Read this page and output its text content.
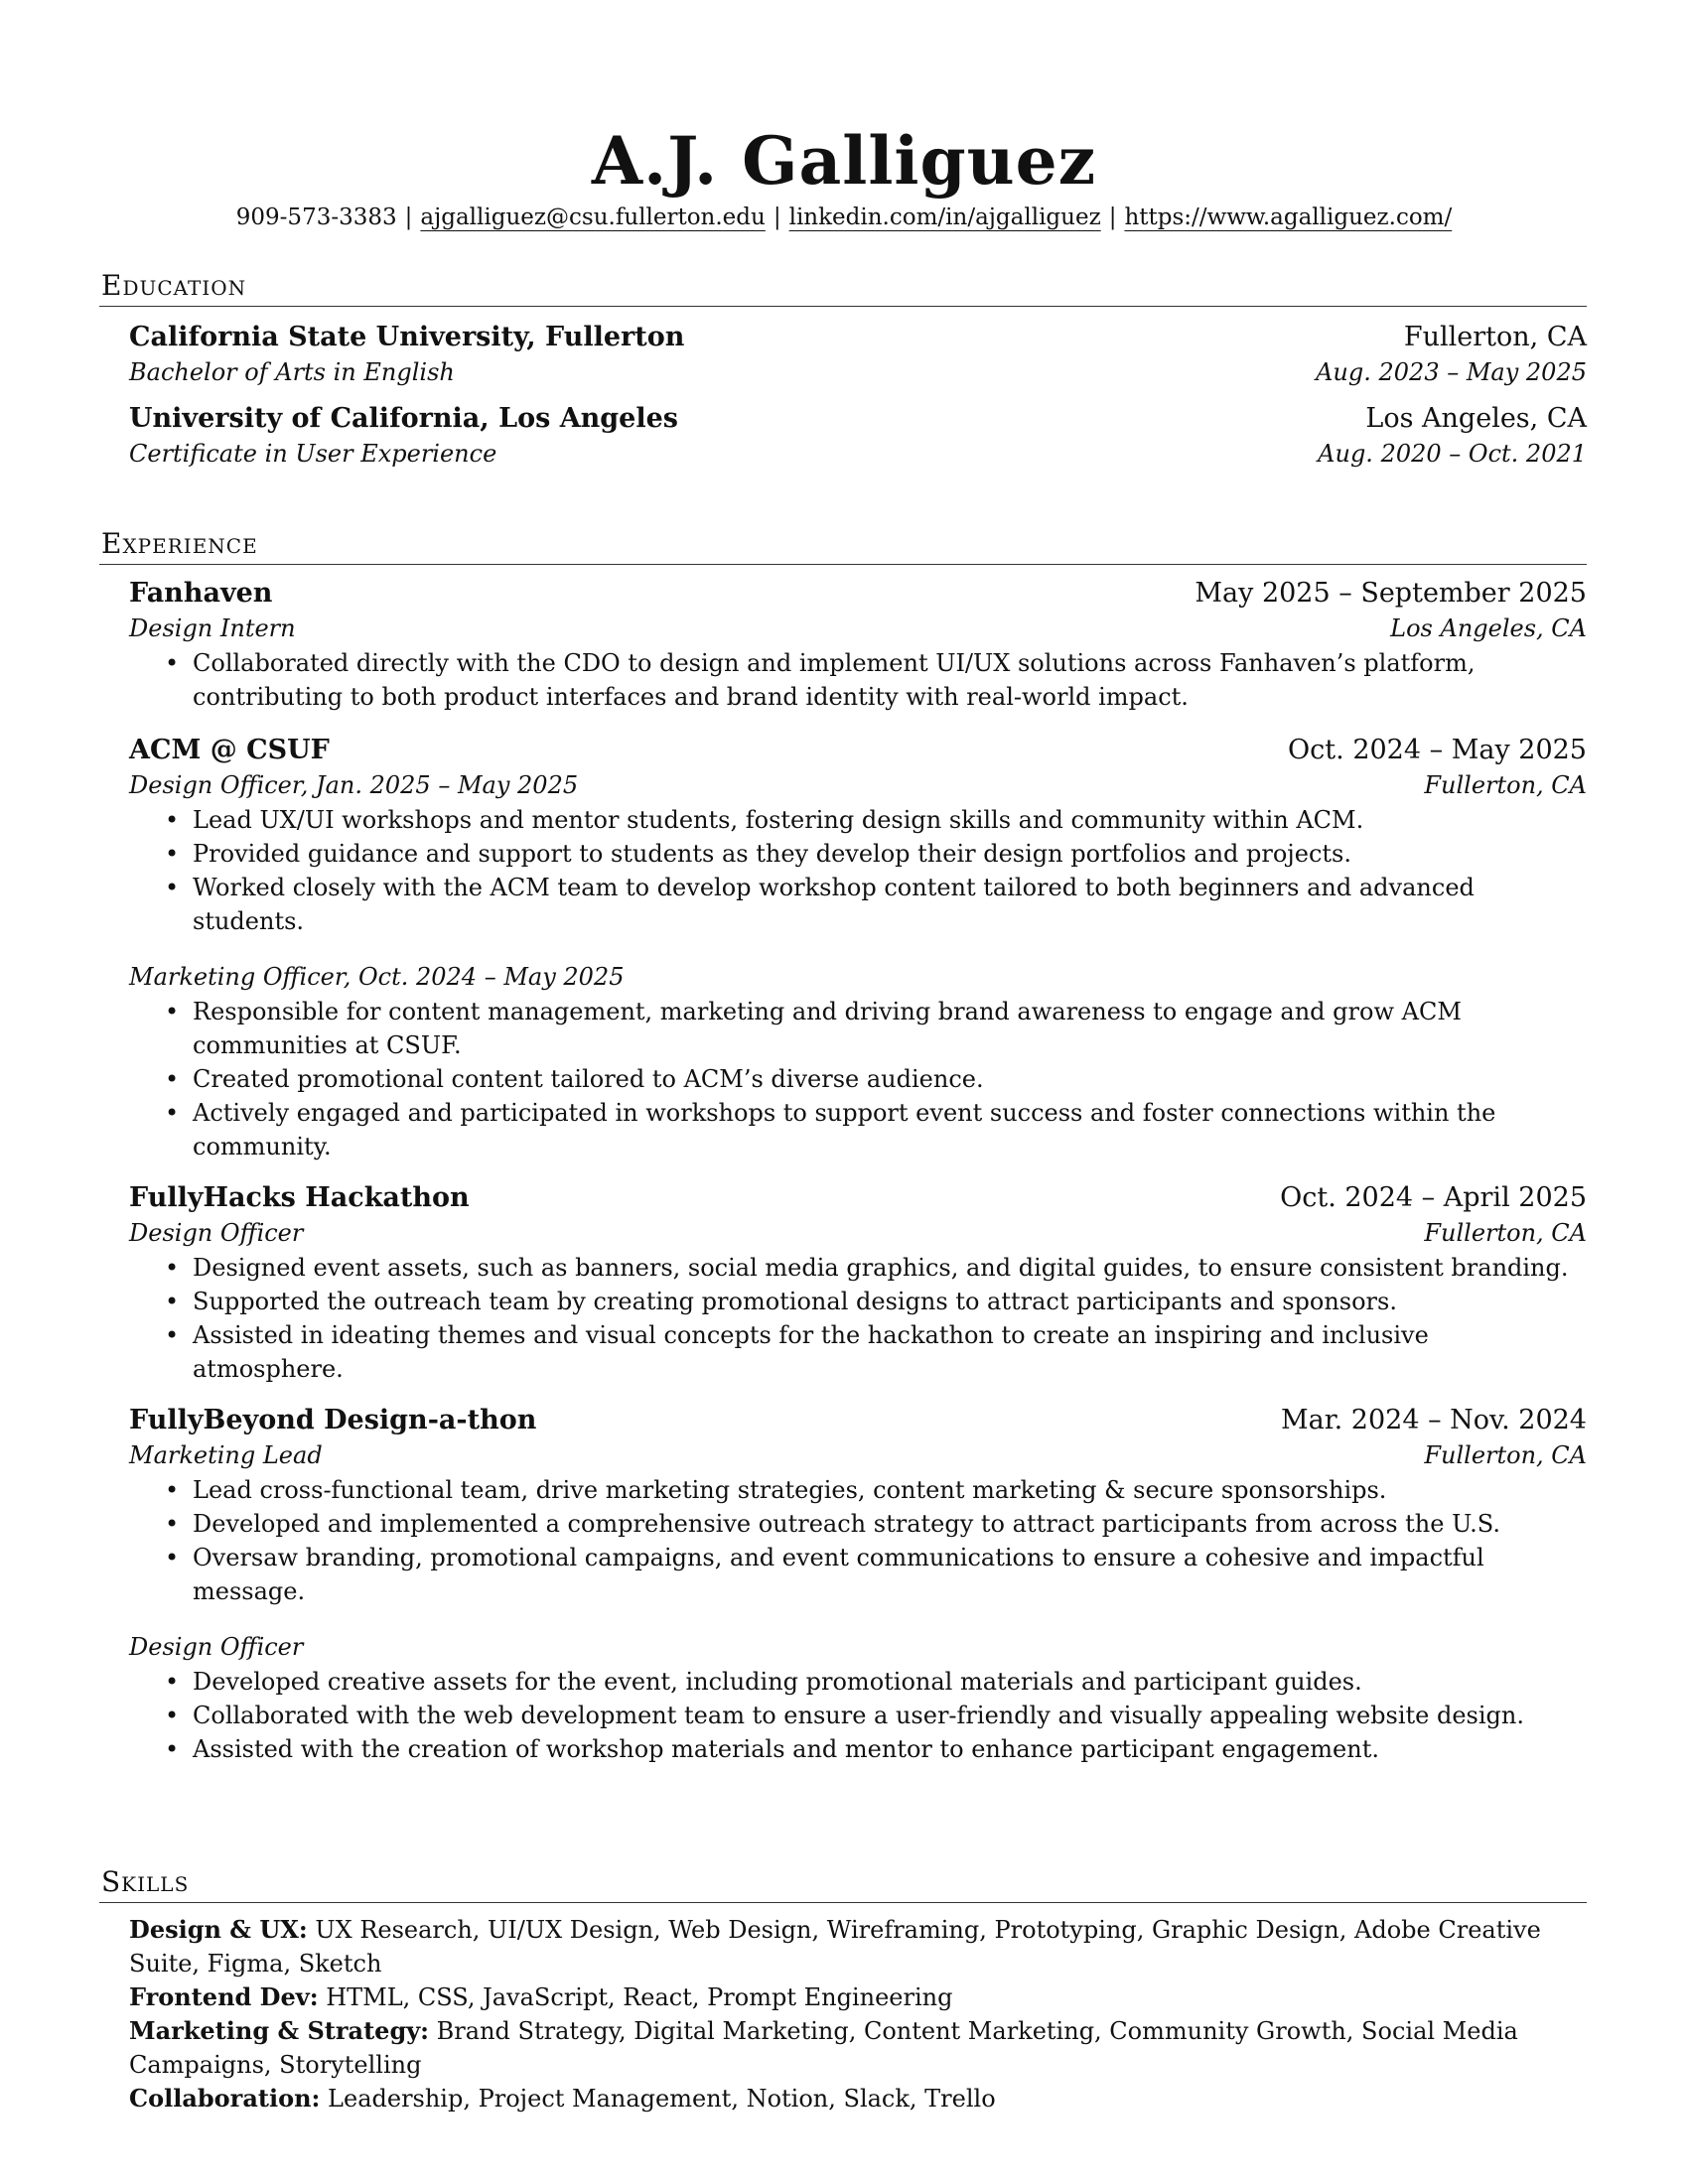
A.J. Galliguez
909-573-3383 | ajgalliguez@csu.fullerton.edu | linkedin.com/in/ajgalliguez | https://www.agalliguez.com/
Education
California State University, Fullerton	Fullerton, CA
Bachelor of Arts in English	Aug. 2023 – May 2025
University of California, Los Angeles	Los Angeles, CA
Certificate in User Experience	Aug. 2020 – Oct. 2021
Experience
Fanhaven	May 2025 – September 2025
Design Intern	Los Angeles, CA
• Collaborated directly with the CDO to design and implement UI/UX solutions across Fanhaven’s platform, contributing to both product interfaces and brand identity with real-world impact.
ACM @ CSUF	Oct. 2024 – May 2025
Design Officer, Jan. 2025 – May 2025	Fullerton, CA
• Lead UX/UI workshops and mentor students, fostering design skills and community within ACM.
• Provided guidance and support to students as they develop their design portfolios and projects.
• Worked closely with the ACM team to develop workshop content tailored to both beginners and advanced students.
Marketing Officer, Oct. 2024 – May 2025
• Responsible for content management, marketing and driving brand awareness to engage and grow ACM communities at CSUF.
• Created promotional content tailored to ACM’s diverse audience.
• Actively engaged and participated in workshops to support event success and foster connections within the community.
FullyHacks Hackathon	Oct. 2024 – April 2025
Design Officer	Fullerton, CA
• Designed event assets, such as banners, social media graphics, and digital guides, to ensure consistent branding.
• Supported the outreach team by creating promotional designs to attract participants and sponsors.
• Assisted in ideating themes and visual concepts for the hackathon to create an inspiring and inclusive atmosphere.
FullyBeyond Design-a-thon	Mar. 2024 – Nov. 2024
Marketing Lead	Fullerton, CA
• Lead cross-functional team, drive marketing strategies, content marketing & secure sponsorships.
• Developed and implemented a comprehensive outreach strategy to attract participants from across the U.S.
• Oversaw branding, promotional campaigns, and event communications to ensure a cohesive and impactful message.
Design Officer
• Developed creative assets for the event, including promotional materials and participant guides.
• Collaborated with the web development team to ensure a user-friendly and visually appealing website design.
• Assisted with the creation of workshop materials and mentor to enhance participant engagement.
Skills
Design & UX: UX Research, UI/UX Design, Web Design, Wireframing, Prototyping, Graphic Design, Adobe Creative Suite, Figma, Sketch
Frontend Dev: HTML, CSS, JavaScript, React, Prompt Engineering
Marketing & Strategy: Brand Strategy, Digital Marketing, Content Marketing, Community Growth, Social Media Campaigns, Storytelling
Collaboration: Leadership, Project Management, Notion, Slack, Trello
